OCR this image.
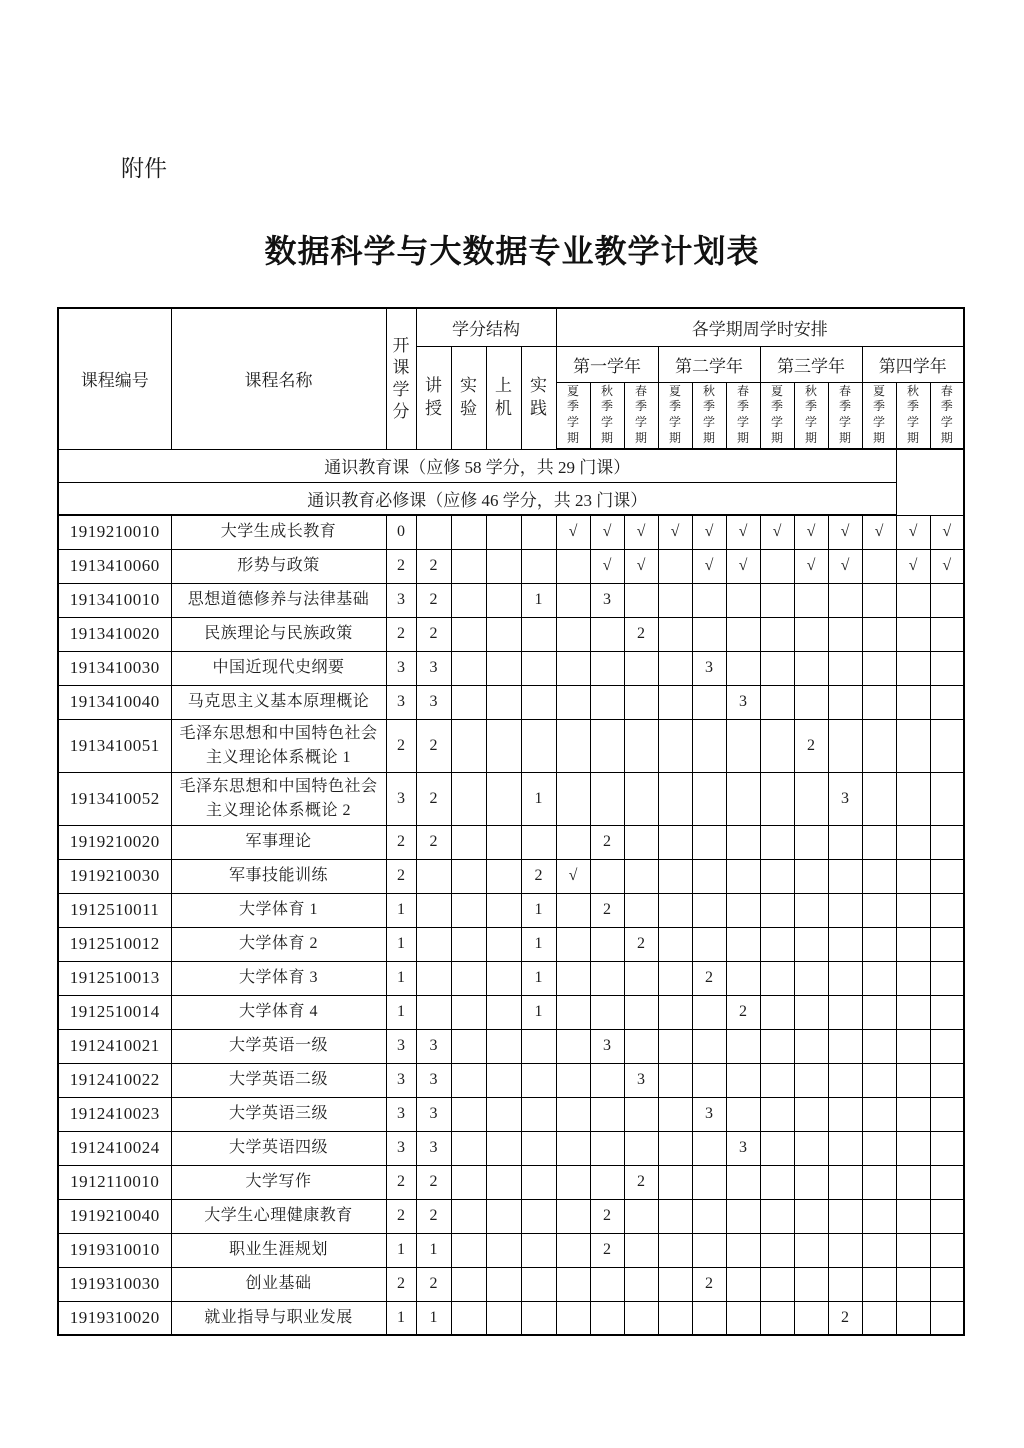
附件
数据科学与大数据专业教学计划表
课程编号	课程名称	开课学分	学分结构				各学期周学时安排											

			讲授	实验	上机	实践	第一学年			第二学年			第三学年			第四学年		

							夏季学期	秋季学期	春季学期	夏季学期	秋季学期	春季学期	夏季学期	秋季学期	春季学期	夏季学期	秋季学期	春季学期

通识教育课（应修 58 学分，共 29 门课）																		
通识教育必修课（应修 46 学分，共 23 门课）																		
1919210010	大学生成长教育	0					√	√	√	√	√	√	√	√	√	√	√	√
1913410060	形势与政策	2	2					√	√		√	√		√	√		√	√
1913410010	思想道德修养与法律基础	3	2			1		3										
1913410020	民族理论与民族政策	2	2						2									
1913410030	中国近现代史纲要	3	3								3							
1913410040	马克思主义基本原理概论	3	3									3						
1913410051	毛泽东思想和中国特色社会主义理论体系概论 1	2	2											2				
1913410052	毛泽东思想和中国特色社会主义理论体系概论 2	3	2			1									3			
1919210020	军事理论	2	2					2										
1919210030	军事技能训练	2				2	√											
1912510011	大学体育 1	1				1		2										
1912510012	大学体育 2	1				1			2									
1912510013	大学体育 3	1				1					2							
1912510014	大学体育 4	1				1						2						
1912410021	大学英语一级	3	3					3										
1912410022	大学英语二级	3	3						3									
1912410023	大学英语三级	3	3								3							
1912410024	大学英语四级	3	3									3						
1912110010	大学写作	2	2						2									
1919210040	大学生心理健康教育	2	2					2										
1919310010	职业生涯规划	1	1					2										
1919310030	创业基础	2	2								2							
1919310020	就业指导与职业发展	1	1												2			
